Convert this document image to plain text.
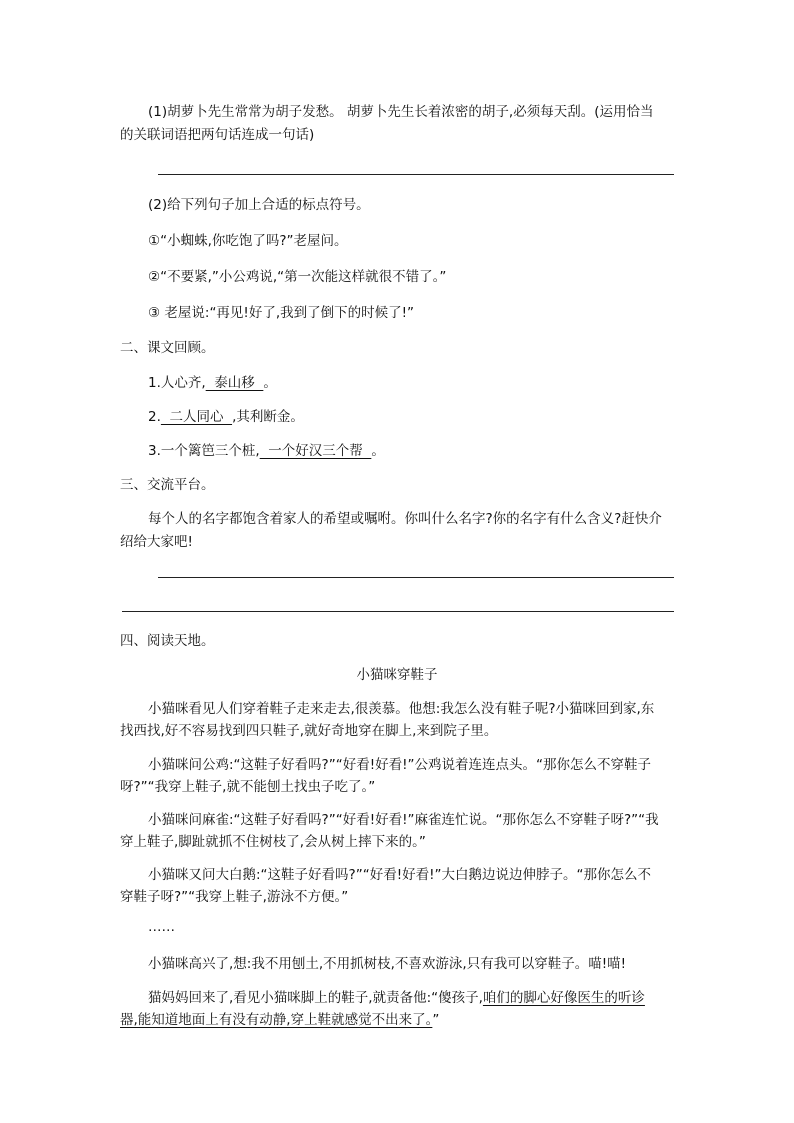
(1)胡萝卜先生常常为胡子发愁。 胡萝卜先生长着浓密的胡子,必须每天刮。(运用恰当
的关联词语把两句话连成一句话)
(2)给下列句子加上合适的标点符号。
①“小蜘蛛,你吃饱了吗?”老屋问。
②“不要紧,”小公鸡说,“第一次能这样就很不错了。”
③ 老屋说:“再见!好了,我到了倒下的时候了!”
二、课文回顾。
1.人心齐,  泰山移  。
2.  二人同心  ,其利断金。
3.一个篱笆三个桩,  一个好汉三个帮  。
三、交流平台。
每个人的名字都饱含着家人的希望或嘱咐。你叫什么名字?你的名字有什么含义?赶快介
绍给大家吧!
四、阅读天地。
小猫咪穿鞋子
小猫咪看见人们穿着鞋子走来走去,很羡慕。他想:我怎么没有鞋子呢?小猫咪回到家,东
找西找,好不容易找到四只鞋子,就好奇地穿在脚上,来到院子里。
小猫咪问公鸡:“这鞋子好看吗?”“好看!好看!”公鸡说着连连点头。“那你怎么不穿鞋子
呀?”“我穿上鞋子,就不能刨土找虫子吃了。”
小猫咪问麻雀:“这鞋子好看吗?”“好看!好看!”麻雀连忙说。“那你怎么不穿鞋子呀?”“我
穿上鞋子,脚趾就抓不住树枝了,会从树上摔下来的。”
小猫咪又问大白鹅:“这鞋子好看吗?”“好看!好看!”大白鹅边说边伸脖子。“那你怎么不
穿鞋子呀?”“我穿上鞋子,游泳不方便。”
……
小猫咪高兴了,想:我不用刨土,不用抓树枝,不喜欢游泳,只有我可以穿鞋子。喵!喵!
猫妈妈回来了,看见小猫咪脚上的鞋子,就责备他:“傻孩子,咱们的脚心好像医生的听诊
器,能知道地面上有没有动静,穿上鞋就感觉不出来了。”
